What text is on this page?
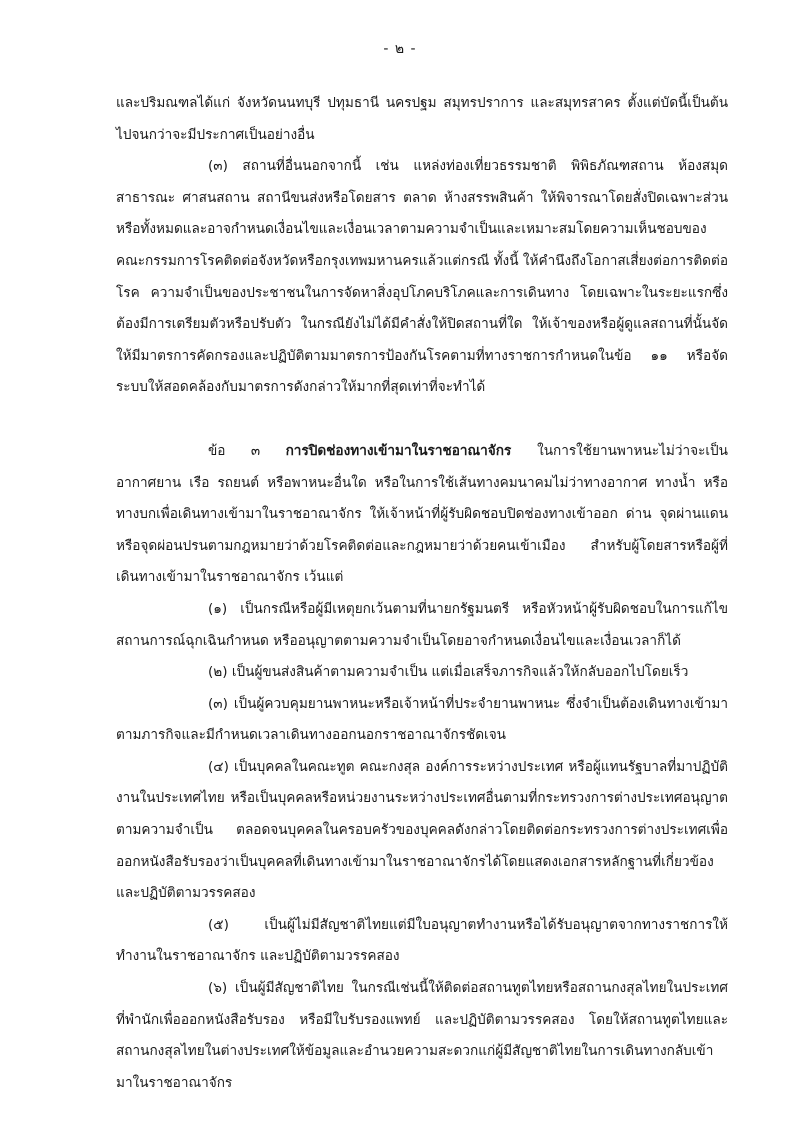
- ๒ -

และปริมณฑลได้แก่ จังหวัดนนทบุรี ปทุมธานี นครปฐม สมุทรปราการ และสมุทรสาคร ตั้งแต่บัดนี้เป็นต้นไปจนกว่าจะมีประกาศเป็นอย่างอื่น

(๓) สถานที่อื่นนอกจากนี้ เช่น แหล่งท่องเที่ยวธรรมชาติ พิพิธภัณฑสถาน ห้องสมุดสาธารณะ ศาสนสถาน สถานีขนส่งหรือโดยสาร ตลาด ห้างสรรพสินค้า ให้พิจารณาโดยสั่งปิดเฉพาะส่วนหรือทั้งหมดและอาจกำหนดเงื่อนไขและเงื่อนเวลาตามความจำเป็นและเหมาะสมโดยความเห็นชอบของคณะกรรมการโรคติดต่อจังหวัดหรือกรุงเทพมหานครแล้วแต่กรณี ทั้งนี้ ให้คำนึงถึงโอกาสเสี่ยงต่อการติดต่อโรค ความจำเป็นของประชาชนในการจัดหาสิ่งอุปโภคบริโภคและการเดินทาง โดยเฉพาะในระยะแรกซึ่งต้องมีการเตรียมตัวหรือปรับตัว ในกรณียังไม่ได้มีคำสั่งให้ปิดสถานที่ใด ให้เจ้าของหรือผู้ดูแลสถานที่นั้นจัดให้มีมาตรการคัดกรองและปฏิบัติตามมาตรการป้องกันโรคตามที่ทางราชการกำหนดในข้อ ๑๑ หรือจัดระบบให้สอดคล้องกับมาตรการดังกล่าวให้มากที่สุดเท่าที่จะทำได้

ข้อ ๓ การปิดช่องทางเข้ามาในราชอาณาจักร ในการใช้ยานพาหนะไม่ว่าจะเป็นอากาศยาน เรือ รถยนต์ หรือพาหนะอื่นใด หรือในการใช้เส้นทางคมนาคมไม่ว่าทางอากาศ ทางน้ำ หรือทางบกเพื่อเดินทางเข้ามาในราชอาณาจักร ให้เจ้าหน้าที่ผู้รับผิดชอบปิดช่องทางเข้าออก ด่าน จุดผ่านแดน หรือจุดผ่อนปรนตามกฎหมายว่าด้วยโรคติดต่อและกฎหมายว่าด้วยคนเข้าเมือง สำหรับผู้โดยสารหรือผู้ที่เดินทางเข้ามาในราชอาณาจักร เว้นแต่

(๑) เป็นกรณีหรือผู้มีเหตุยกเว้นตามที่นายกรัฐมนตรี หรือหัวหน้าผู้รับผิดชอบในการแก้ไขสถานการณ์ฉุกเฉินกำหนด หรืออนุญาตตามความจำเป็นโดยอาจกำหนดเงื่อนไขและเงื่อนเวลาก็ได้

(๒) เป็นผู้ขนส่งสินค้าตามความจำเป็น แต่เมื่อเสร็จภารกิจแล้วให้กลับออกไปโดยเร็ว

(๓) เป็นผู้ควบคุมยานพาหนะหรือเจ้าหน้าที่ประจำยานพาหนะ ซึ่งจำเป็นต้องเดินทางเข้ามาตามภารกิจและมีกำหนดเวลาเดินทางออกนอกราชอาณาจักรชัดเจน

(๔) เป็นบุคคลในคณะทูต คณะกงสุล องค์การระหว่างประเทศ หรือผู้แทนรัฐบาลที่มาปฏิบัติงานในประเทศไทย หรือเป็นบุคคลหรือหน่วยงานระหว่างประเทศอื่นตามที่กระทรวงการต่างประเทศอนุญาตตามความจำเป็น ตลอดจนบุคคลในครอบครัวของบุคคลดังกล่าวโดยติดต่อกระทรวงการต่างประเทศเพื่อออกหนังสือรับรองว่าเป็นบุคคลที่เดินทางเข้ามาในราชอาณาจักรได้โดยแสดงเอกสารหลักฐานที่เกี่ยวข้อง และปฏิบัติตามวรรคสอง

(๕) เป็นผู้ไม่มีสัญชาติไทยแต่มีใบอนุญาตทำงานหรือได้รับอนุญาตจากทางราชการให้ทำงานในราชอาณาจักร และปฏิบัติตามวรรคสอง

(๖) เป็นผู้มีสัญชาติไทย ในกรณีเช่นนี้ให้ติดต่อสถานทูตไทยหรือสถานกงสุลไทยในประเทศที่พำนักเพื่อออกหนังสือรับรอง หรือมีใบรับรองแพทย์ และปฏิบัติตามวรรคสอง โดยให้สถานทูตไทยและสถานกงสุลไทยในต่างประเทศให้ข้อมูลและอำนวยความสะดวกแก่ผู้มีสัญชาติไทยในการเดินทางกลับเข้ามาในราชอาณาจักร
